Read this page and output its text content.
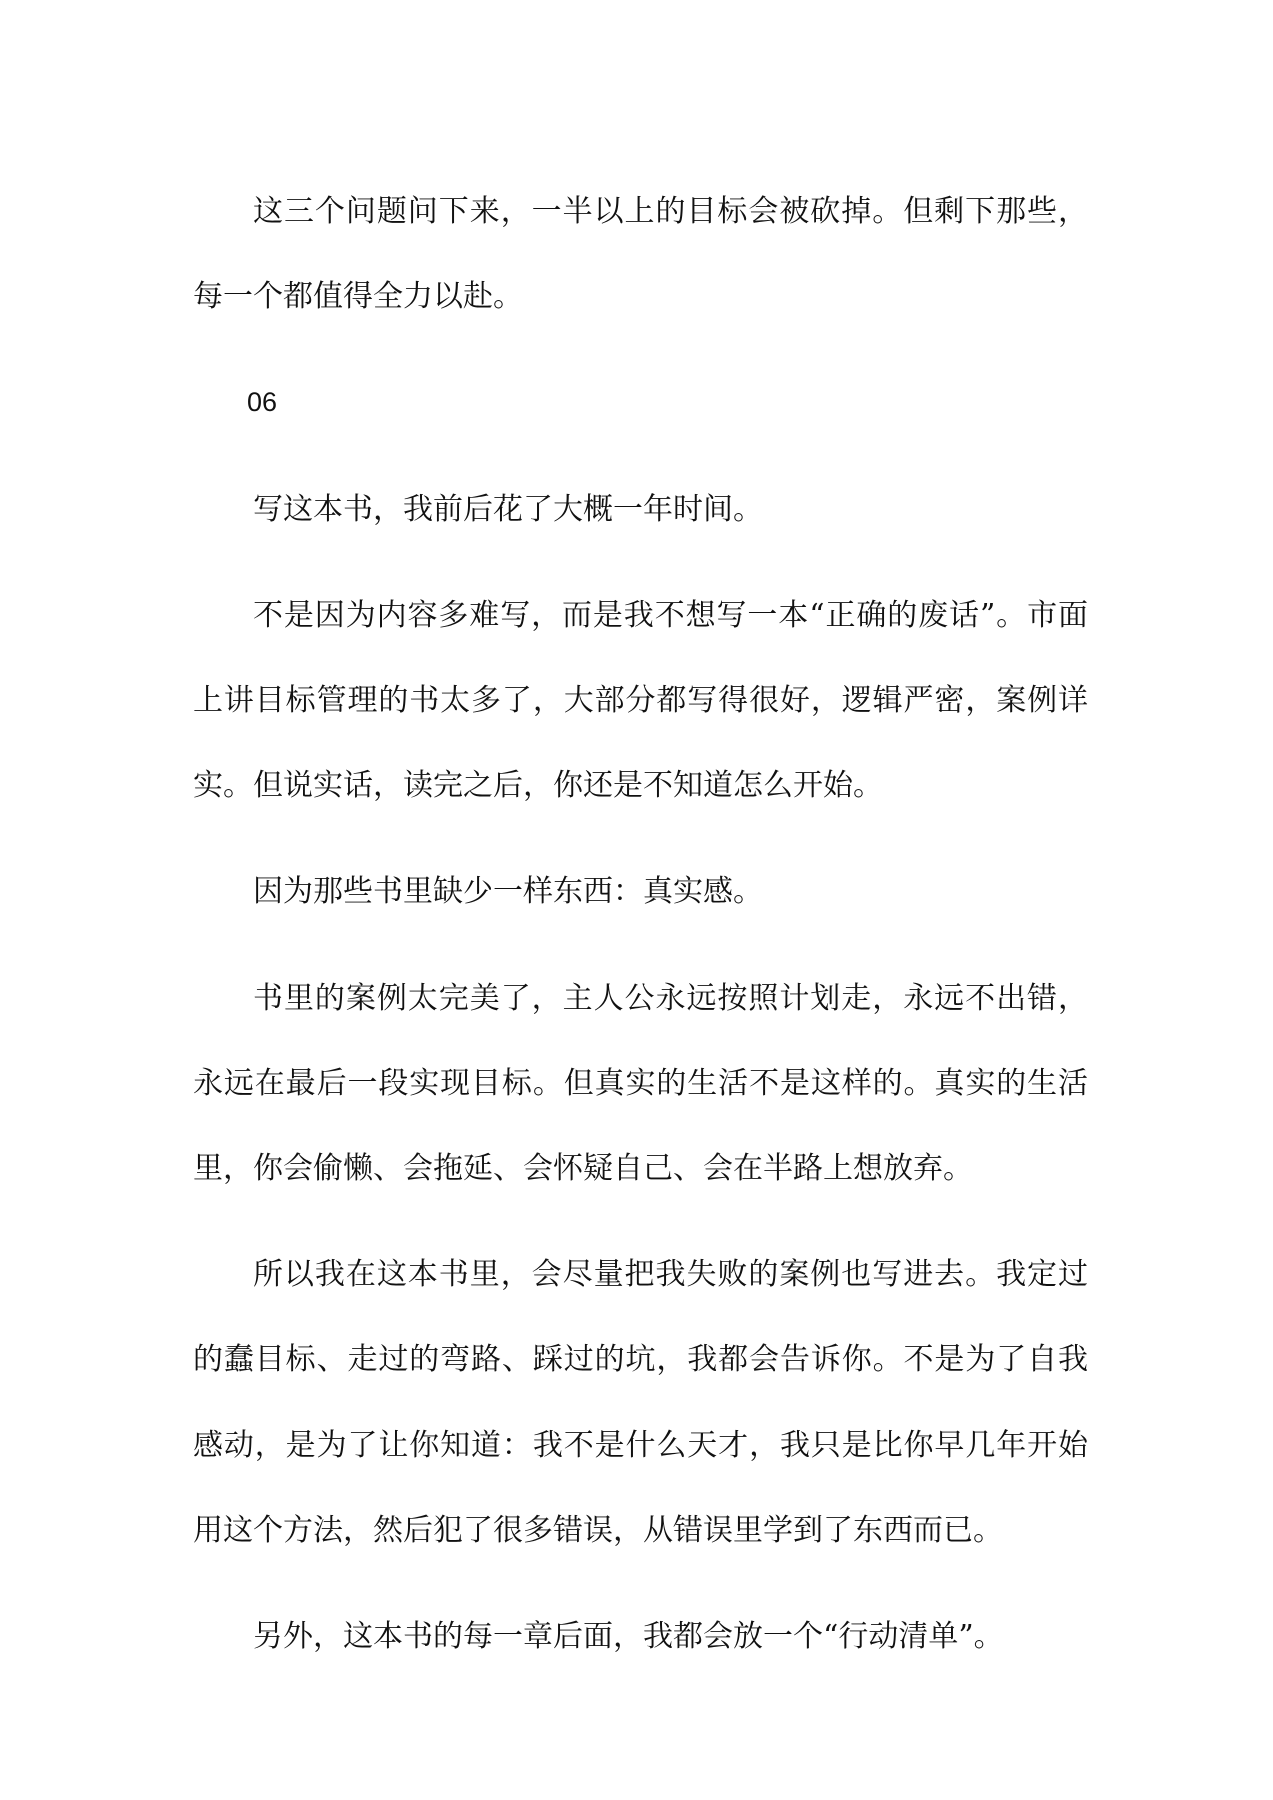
这三个问题问下来，一半以上的目标会被砍掉。但剩下那些，每一个都值得全力以赴。

06

写这本书，我前后花了大概一年时间。

不是因为内容多难写，而是我不想写一本“正确的废话”。市面上讲目标管理的书太多了，大部分都写得很好，逻辑严密，案例详实。但说实话，读完之后，你还是不知道怎么开始。

因为那些书里缺少一样东西：真实感。

书里的案例太完美了，主人公永远按照计划走，永远不出错，永远在最后一段实现目标。但真实的生活不是这样的。真实的生活里，你会偷懒、会拖延、会怀疑自己、会在半路上想放弃。

所以我在这本书里，会尽量把我失败的案例也写进去。我定过的蠢目标、走过的弯路、踩过的坑，我都会告诉你。不是为了自我感动，是为了让你知道：我不是什么天才，我只是比你早几年开始用这个方法，然后犯了很多错误，从错误里学到了东西而已。

另外，这本书的每一章后面，我都会放一个“行动清单”。
